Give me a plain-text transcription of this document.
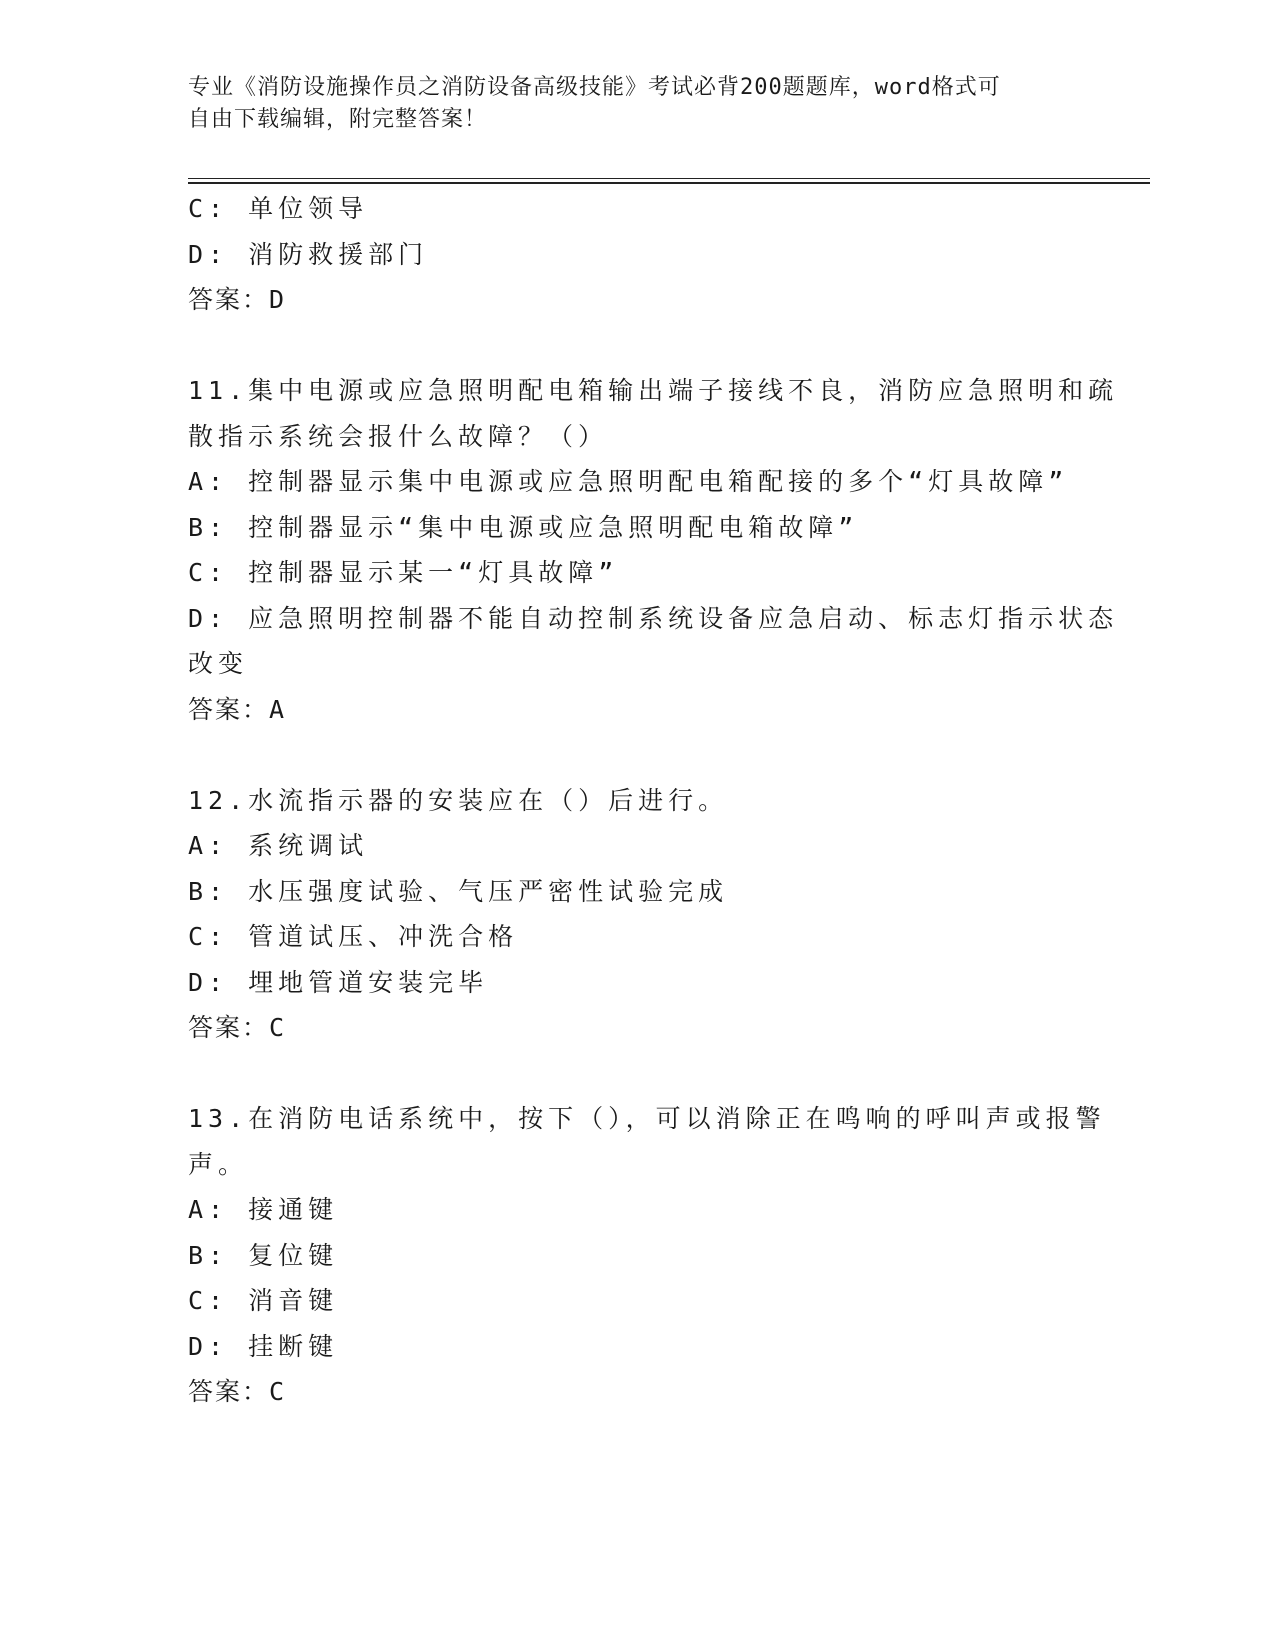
专业《消防设施操作员之消防设备高级技能》考试必背200题题库，word格式可
自由下载编辑，附完整答案！
C: 单位领导
D: 消防救援部门
答案：D
11.集中电源或应急照明配电箱输出端子接线不良，消防应急照明和疏
散指示系统会报什么故障？（）
A: 控制器显示集中电源或应急照明配电箱配接的多个“灯具故障”
B: 控制器显示“集中电源或应急照明配电箱故障”
C: 控制器显示某一“灯具故障”
D: 应急照明控制器不能自动控制系统设备应急启动、标志灯指示状态
改变
答案：A
12.水流指示器的安装应在（）后进行。
A: 系统调试
B: 水压强度试验、气压严密性试验完成
C: 管道试压、冲洗合格
D: 埋地管道安装完毕
答案：C
13.在消防电话系统中，按下（），可以消除正在鸣响的呼叫声或报警
声。
A: 接通键
B: 复位键
C: 消音键
D: 挂断键
答案：C
